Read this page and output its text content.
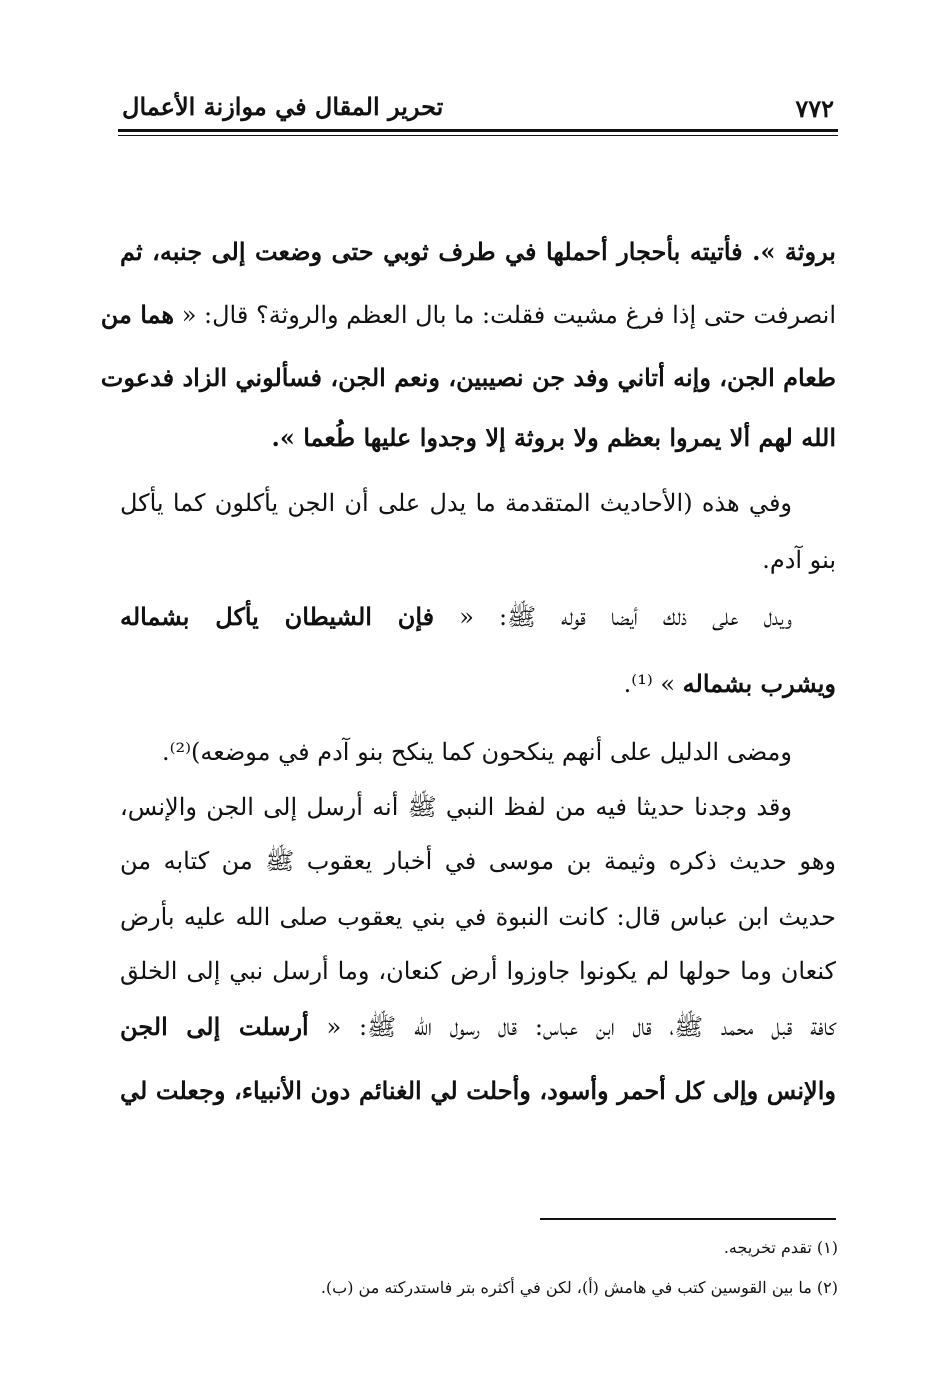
٧٧٢
تحرير المقال في موازنة الأعمال
بروثة ». فأتيته بأحجار أحملها في طرف ثوبي حتى وضعت إلى جنبه، ثم
انصرفت حتى إذا فرغ مشيت فقلت: ما بال العظم والروثة؟ قال: « هما من
طعام الجن، وإنه أتاني وفد جن نصيبين، ونعم الجن، فسألوني الزاد فدعوت
الله لهم ألا يمروا بعظم ولا بروثة إلا وجدوا عليها طُعما ».
وفي هذه (الأحاديث المتقدمة ما يدل على أن الجن يأكلون كما يأكل
بنو آدم.
ويدل على ذلك أيضا قوله ﷺ: « فإن الشيطان يأكل بشماله
ويشرب بشماله » ⁽¹⁾.
ومضى الدليل على أنهم ينكحون كما ينكح بنو آدم في موضعه)⁽²⁾.
وقد وجدنا حديثا فيه من لفظ النبي ﷺ أنه أرسل إلى الجن والإنس،
وهو حديث ذكره وثيمة بن موسى في أخبار يعقوب ﷺ من كتابه من
حديث ابن عباس قال: كانت النبوة في بني يعقوب صلى الله عليه بأرض
كنعان وما حولها لم يكونوا جاوزوا أرض كنعان، وما أرسل نبي إلى الخلق
كافة قبل محمد ﷺ، قال ابن عباس: قال رسول الله ﷺ: « أرسلت إلى الجن
والإنس وإلى كل أحمر وأسود، وأحلت لي الغنائم دون الأنبياء، وجعلت لي
(١) تقدم تخريجه.
(٢) ما بين القوسين كتب في هامش (أ)، لكن في أكثره بتر فاستدركته من (ب).
